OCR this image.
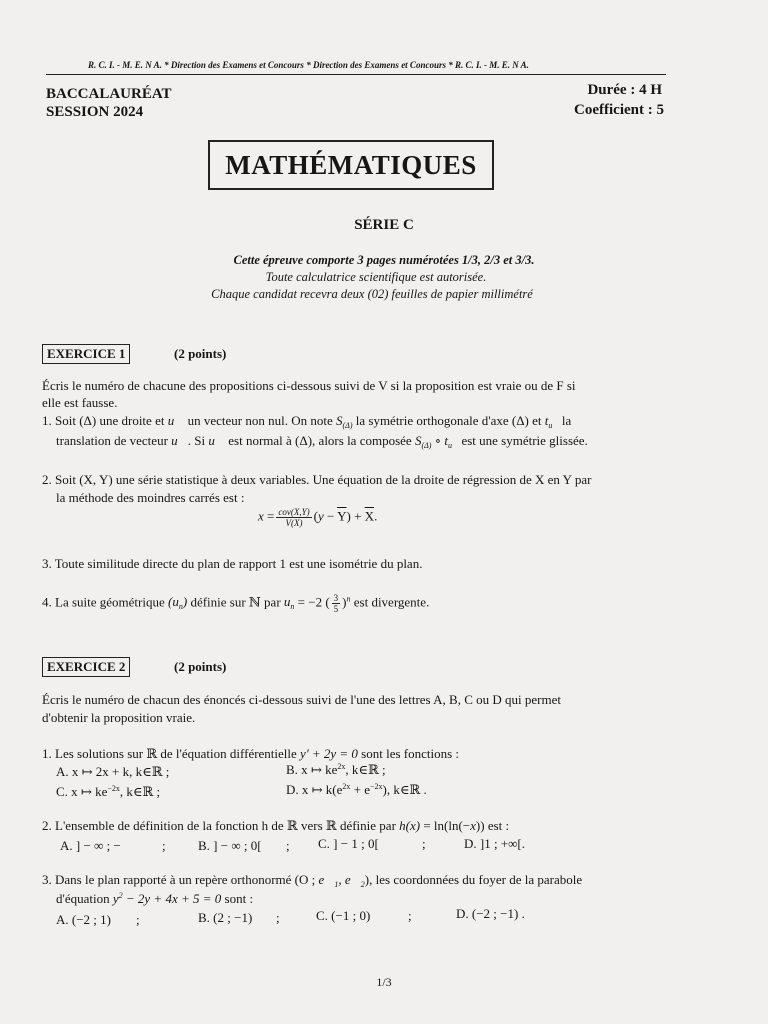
R. C. I. - M. E. N A. * Direction des Examens et Concours * Direction des Examens et Concours * R. C. I. - M. E. N A.
BACCALAURÉAT
SESSION 2024
Durée : 4 H
Coefficient : 5
MATHÉMATIQUES
SÉRIE C
Cette épreuve comporte 3 pages numérotées 1/3, 2/3 et 3/3.
Toute calculatrice scientifique est autorisée.
Chaque candidat recevra deux (02) feuilles de papier millimétré
EXERCICE 1	(2 points)
Écris le numéro de chacune des propositions ci-dessous suivi de V si la proposition est vraie ou de F si
elle est fausse.
1. Soit (Δ) une droite et u⃗ un vecteur non nul. On note $S_{(\Delta)}$ la symétrie orthogonale d'axe (Δ) et $t_{u⃗}$ la
translation de vecteur u⃗. Si u⃗ est normal à (Δ), alors la composée $S_{(\Delta)}$ ∘ $t_{u⃗}$ est une symétrie glissée.
2. Soit (X, Y) une série statistique à deux variables. Une équation de la droite de régression de X en Y par
la méthode des moindres carrés est :
$x = \frac{\text{cov(X,Y)}}{V(X)} (y - \overline{Y}) + \overline{X}$.
3. Toute similitude directe du plan de rapport 1 est une isométrie du plan.
4. La suite géométrique $(u_n)$ définie sur ℕ par $u_n = -2$ ( $\frac{3}{5} )^n$ est divergente.
EXERCICE 2	(2 points)
Écris le numéro de chacun des énoncés ci-dessous suivi de l'une des lettres A, B, C ou D qui permet
d'obtenir la proposition vraie.
1. Les solutions sur ℝ de l'équation différentielle y' + 2y = 0 sont les fonctions :
A. x ↦ 2x + k, k∈ℝ ;	B. x ↦ $ke^{2x}$, k∈ℝ ;
C. x ↦ $ke^{-2x}$, k∈ℝ ;	D. x ↦ $k(e^{2x} + e^{-2x})$, k∈ℝ .
2. L'ensemble de définition de la fonction h de ℝ vers ℝ définie par h(x) = ln(ln(−x)) est :
A. ] − ∞ ; −	; B. ] − ∞ ; 0[ ; C. ] − 1 ; 0[	;	D. ]1 ; +∞[.
3. Dans le plan rapporté à un repère orthonormé (O ; $e⃗_1$, $e⃗_2$), les coordonnées du foyer de la parabole
d'équation $y^2 - 2y + 4x + 5 = 0$ sont :
A. (−2 ; 1) ;	B. (2 ; −1) ;	C. (−1 ; 0)	;	D. (−2 ; −1) .
1/3
